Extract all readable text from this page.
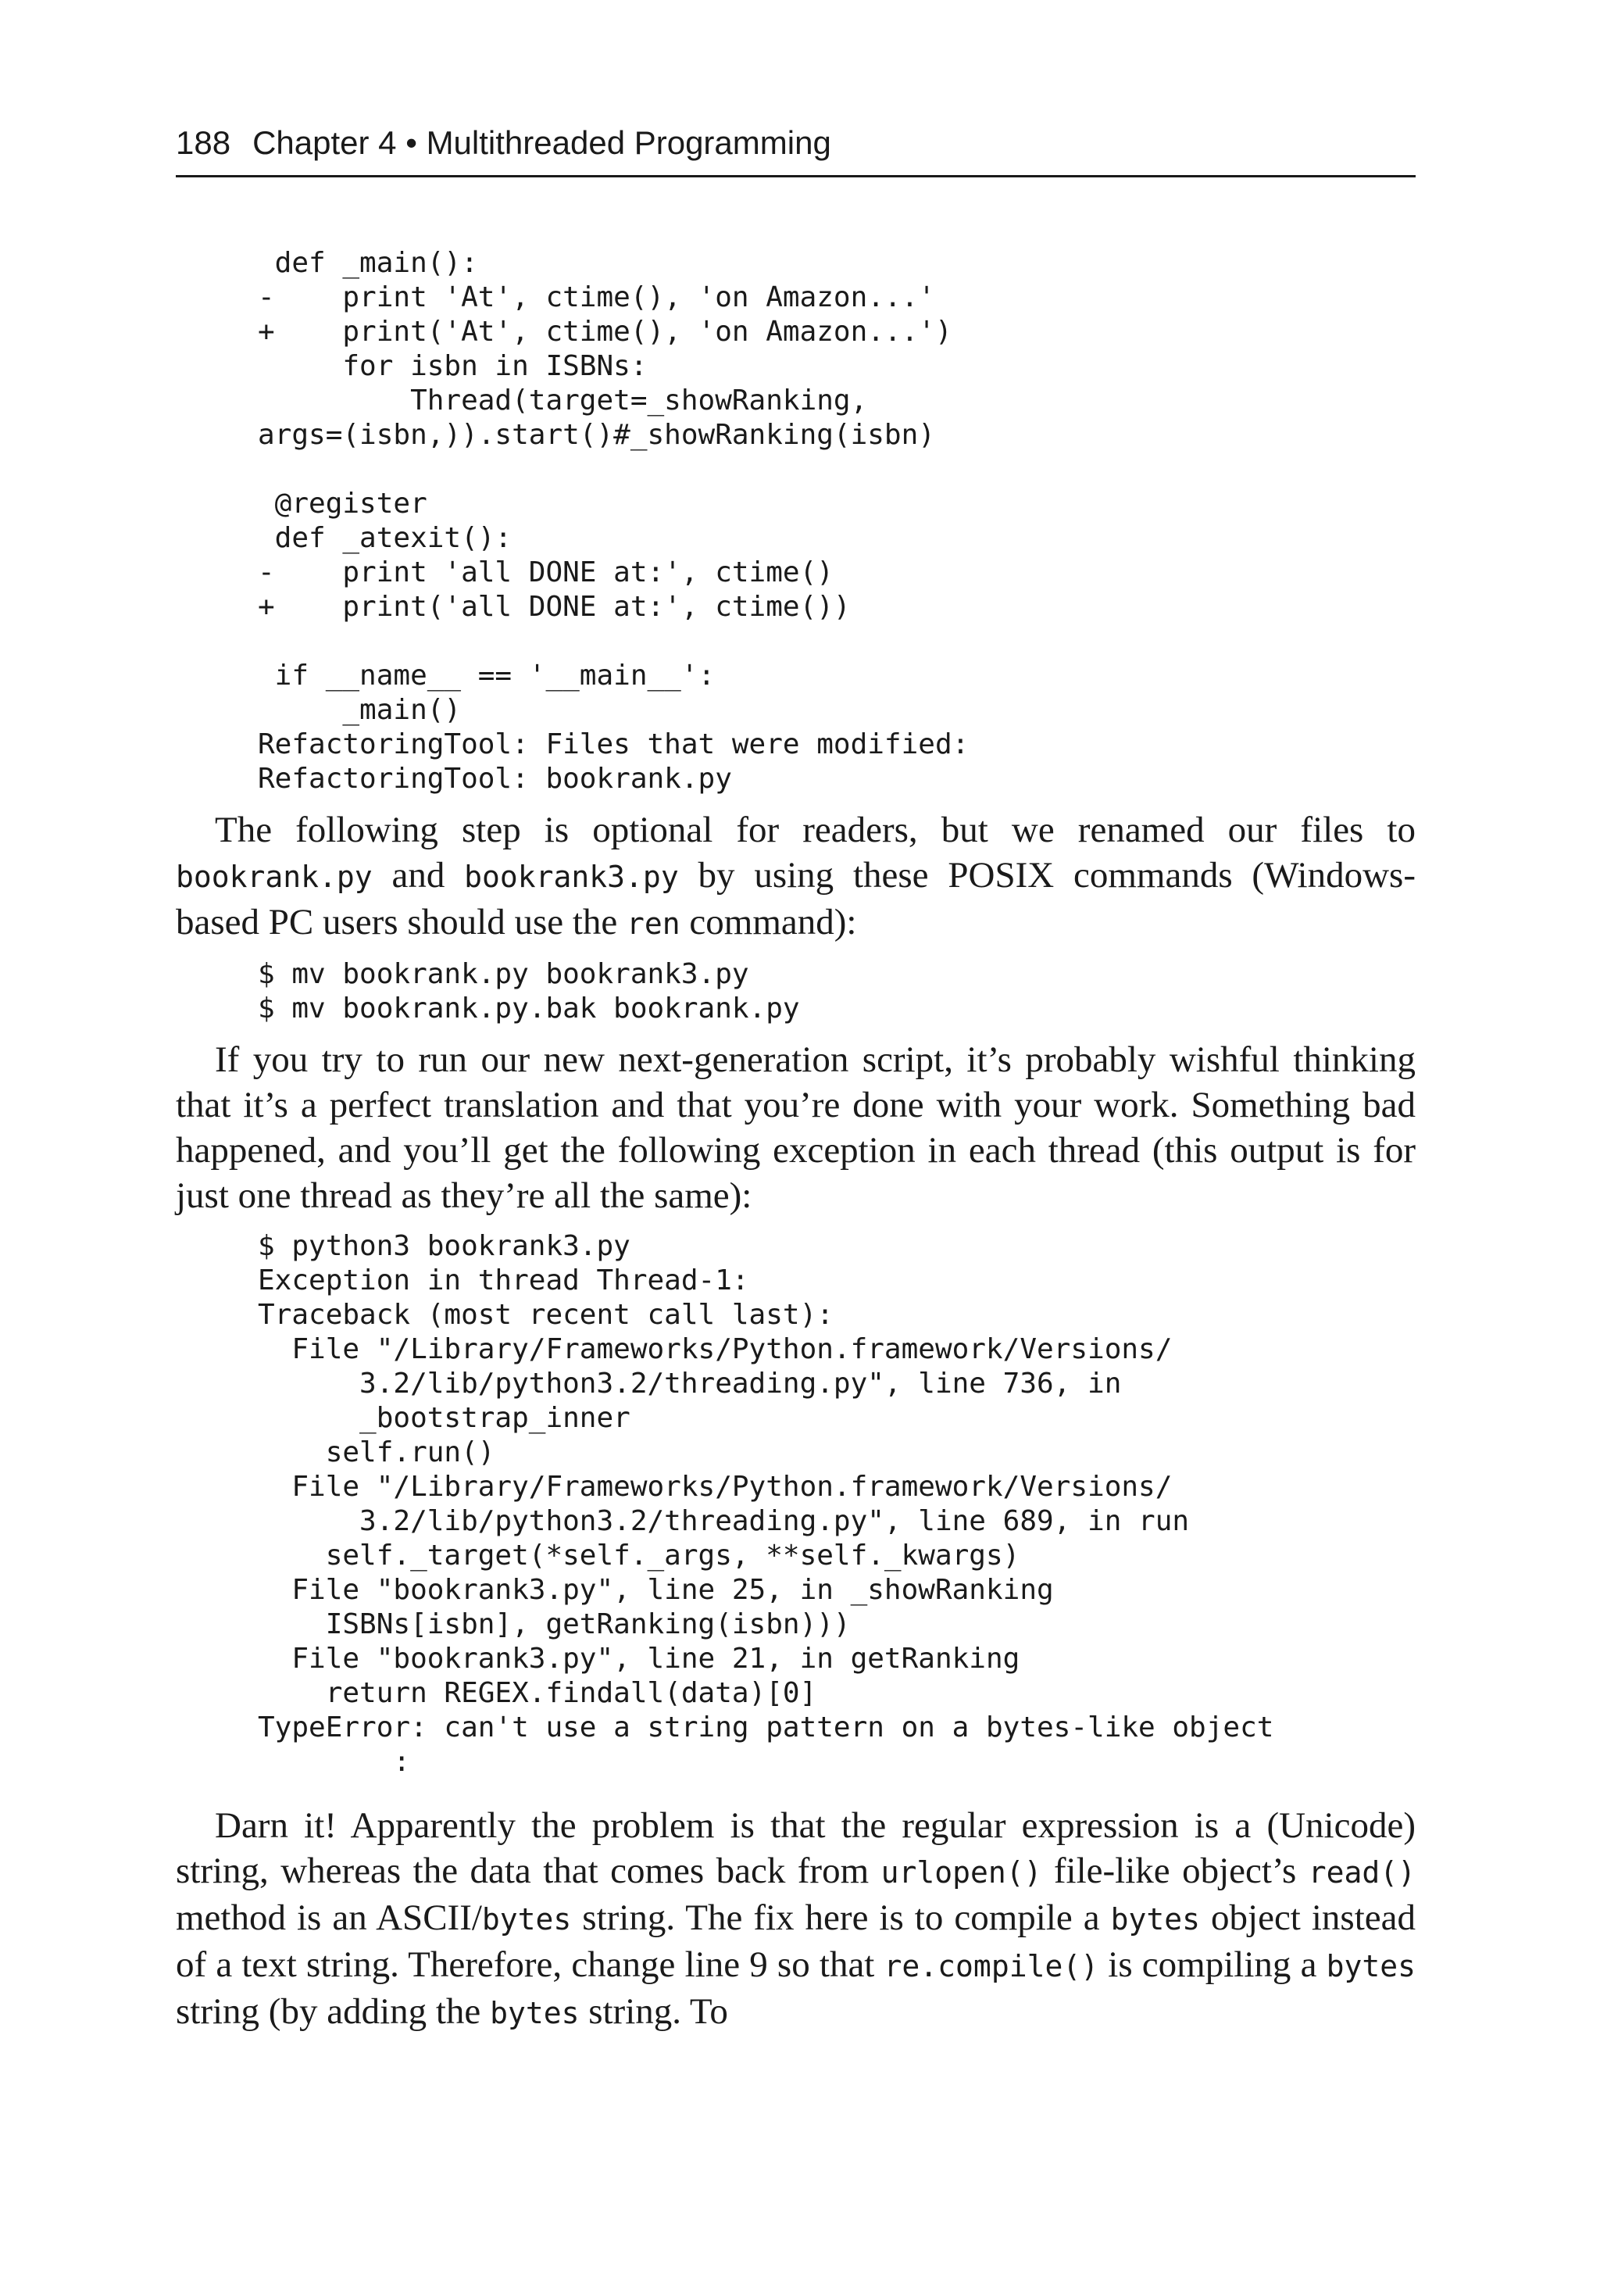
188 Chapter 4 • Multithreaded Programming
def _main():
-    print 'At', ctime(), 'on Amazon...'
+    print('At', ctime(), 'on Amazon...')
for isbn in ISBNs:
Thread(target=_showRanking,
args=(isbn,)).start()#_showRanking(isbn)
@register
def _atexit():
-    print 'all DONE at:', ctime()
+    print('all DONE at:', ctime())
if __name__ == '__main__':
_main()
RefactoringTool: Files that were modified:
RefactoringTool: bookrank.py

The following step is optional for readers, but we renamed our files to bookrank.py and bookrank3.py by using these POSIX commands (Windows-based PC users should use the ren command):

$ mv bookrank.py bookrank3.py
$ mv bookrank.py.bak bookrank.py

If you try to run our new next-generation script, it’s probably wishful thinking that it’s a perfect translation and that you’re done with your work. Something bad happened, and you’ll get the following exception in each thread (this output is for just one thread as they’re all the same):

$ python3 bookrank3.py
Exception in thread Thread-1:
Traceback (most recent call last):
File "/Library/Frameworks/Python.framework/Versions/
3.2/lib/python3.2/threading.py", line 736, in
_bootstrap_inner
self.run()
File "/Library/Frameworks/Python.framework/Versions/
3.2/lib/python3.2/threading.py", line 689, in run
self._target(*self._args, **self._kwargs)
File "bookrank3.py", line 25, in _showRanking
ISBNs[isbn], getRanking(isbn)))
File "bookrank3.py", line 21, in getRanking
return REGEX.findall(data)[0]
TypeError: can't use a string pattern on a bytes-like object
:

Darn it! Apparently the problem is that the regular expression is a (Unicode) string, whereas the data that comes back from urlopen() file-like object’s read() method is an ASCII/bytes string. The fix here is to compile a bytes object instead of a text string. Therefore, change line 9 so that re.compile() is compiling a bytes string (by adding the bytes string. To
